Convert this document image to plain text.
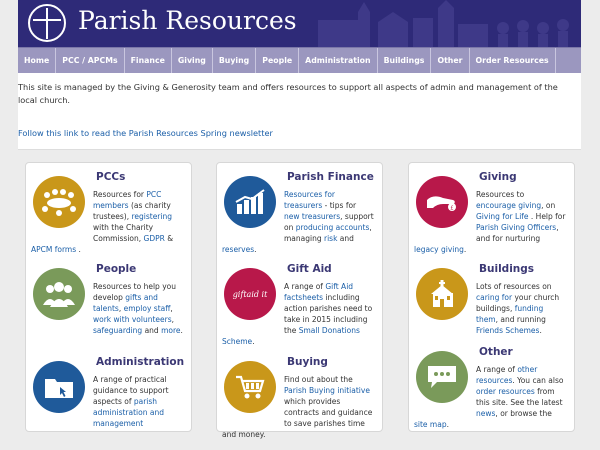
Parish Resources
Home	PCC / APCMs	Finance	Giving	Buying	People	Administration	Buildings	Other	Order Resources

This site is managed by the Giving & Generosity team and offers resources to support all aspects of admin and management of the local church.

Follow this link to read the Parish Resources Spring newsletter
PCCs
Resources for PCC members (as charity trustees), registering with the Charity Commission, GDPR & APCM forms .
People
Resources to help you develop gifts and talents, employ staff, work with volunteers, safeguarding and more.
Administration
A range of practical guidance to support aspects of parish administration and management
Parish Finance
Resources for treasurers - tips for new treasurers, support on producing accounts, managing risk and reserves.
giftaid it
Gift Aid
A range of Gift Aid factsheets including action parishes need to take in 2015 including the Small Donations Scheme.
Buying
Find out about the Parish Buying initiative which provides contracts and guidance to save parishes time and money.
£
Giving
Resources to encourage giving, on Giving for Life . Help for Parish Giving Officers, and for nurturing legacy giving.
Buildings
Lots of resources on caring for your church buildings, funding them, and running Friends Schemes.
Other
A range of other resources. You can also order resources from this site. See the latest news, or browse the site map.
